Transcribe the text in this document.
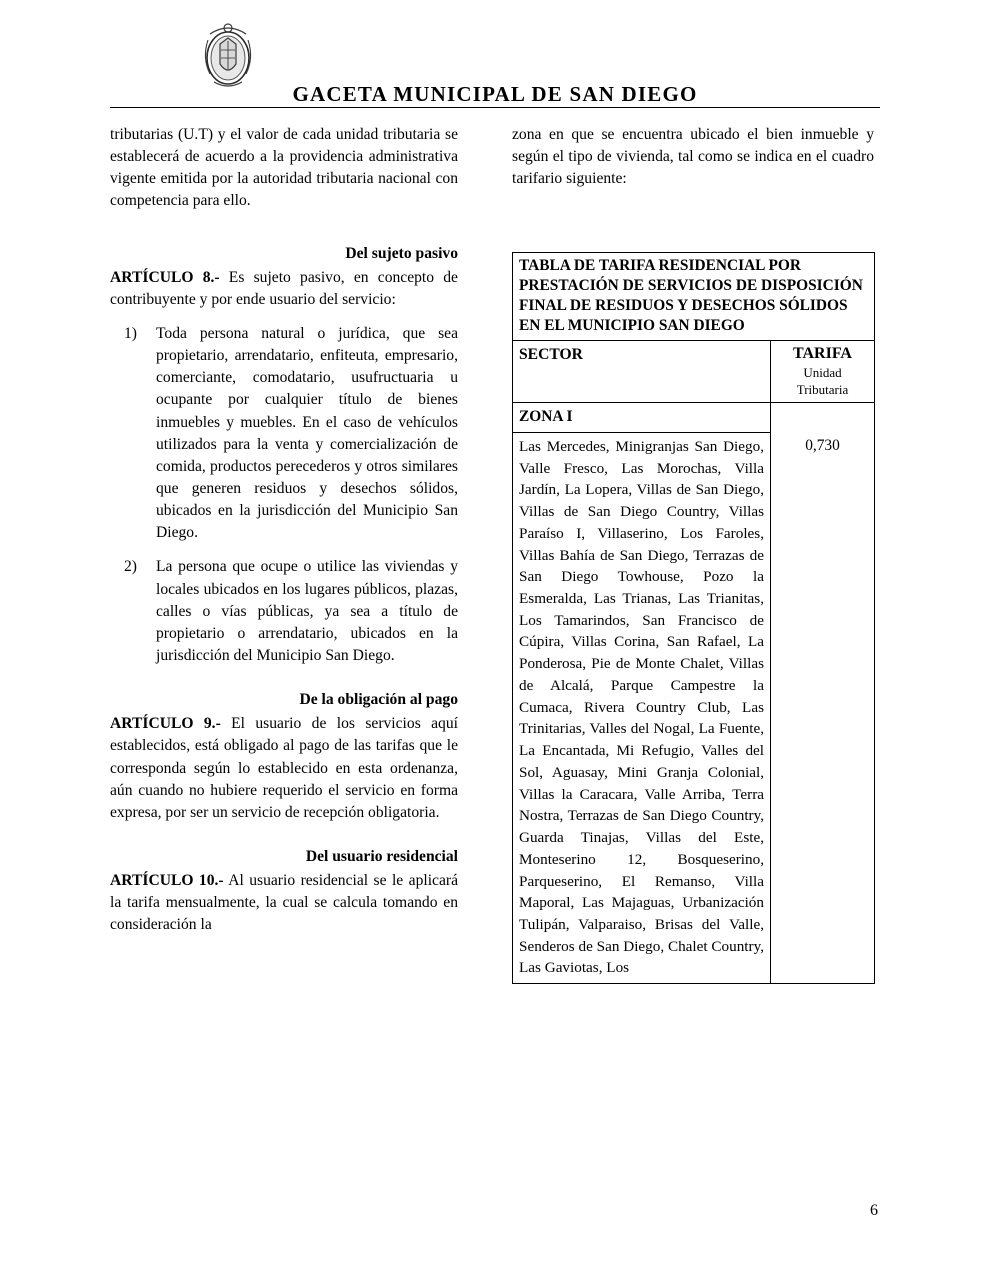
GACETA MUNICIPAL DE SAN DIEGO

tributarias (U.T) y el valor de cada unidad tributaria se establecerá de acuerdo a la providencia administrativa vigente emitida por la autoridad tributaria nacional con competencia para ello.

Del sujeto pasivo

ARTÍCULO 8.- Es sujeto pasivo, en concepto de contribuyente y por ende usuario del servicio:

1)	Toda persona natural o jurídica, que sea propietario, arrendatario, enfiteuta, empresario, comerciante, comodatario, usufructuaria u ocupante por cualquier título de bienes inmuebles y muebles. En el caso de vehículos utilizados para la venta y comercialización de comida, productos perecederos y otros similares que generen residuos y desechos sólidos, ubicados en la jurisdicción del Municipio San Diego.
2)	La persona que ocupe o utilice las viviendas y locales ubicados en los lugares públicos, plazas, calles o vías públicas, ya sea a título de propietario o arrendatario, ubicados en la jurisdicción del Municipio San Diego.
De la obligación al pago

ARTÍCULO 9.- El usuario de los servicios aquí establecidos, está obligado al pago de las tarifas que le corresponda según lo establecido en esta ordenanza, aún cuando no hubiere requerido el servicio en forma expresa, por ser un servicio de recepción obligatoria.

Del usuario residencial

ARTÍCULO 10.- Al usuario residencial se le aplicará la tarifa mensualmente, la cual se calcula tomando en consideración la

zona en que se encuentra ubicado el bien inmueble y según el tipo de vivienda, tal como se indica en el cuadro tarifario siguiente:

TABLA DE TARIFA RESIDENCIAL POR PRESTACIÓN DE SERVICIOS DE DISPOSICIÓN FINAL DE RESIDUOS Y DESECHOS SÓLIDOS EN EL MUNICIPIO SAN DIEGO	
SECTOR	TARIFA
Unidad Tributaria
ZONA I	
Las Mercedes, Minigranjas San Diego, Valle Fresco, Las Morochas, Villa Jardín, La Lopera, Villas de San Diego, Villas de San Diego Country, Villas Paraíso I, Villaserino, Los Faroles, Villas Bahía de San Diego, Terrazas de San Diego Towhouse, Pozo la Esmeralda, Las Trianas, Las Trianitas, Los Tamarindos, San Francisco de Cúpira, Villas Corina, San Rafael, La Ponderosa, Pie de Monte Chalet, Villas de Alcalá, Parque Campestre la Cumaca, Rivera Country Club, Las Trinitarias, Valles del Nogal, La Fuente, La Encantada, Mi Refugio, Valles del Sol, Aguasay, Mini Granja Colonial, Villas la Caracara, Valle Arriba, Terra Nostra, Terrazas de San Diego Country, Guarda Tinajas, Villas del Este, Monteserino 12, Bosqueserino, Parqueserino, El Remanso, Villa Maporal, Las Majaguas, Urbanización Tulipán, Valparaiso, Brisas del Valle, Senderos de San Diego, Chalet Country, Las Gaviotas, Los	0,730
6
